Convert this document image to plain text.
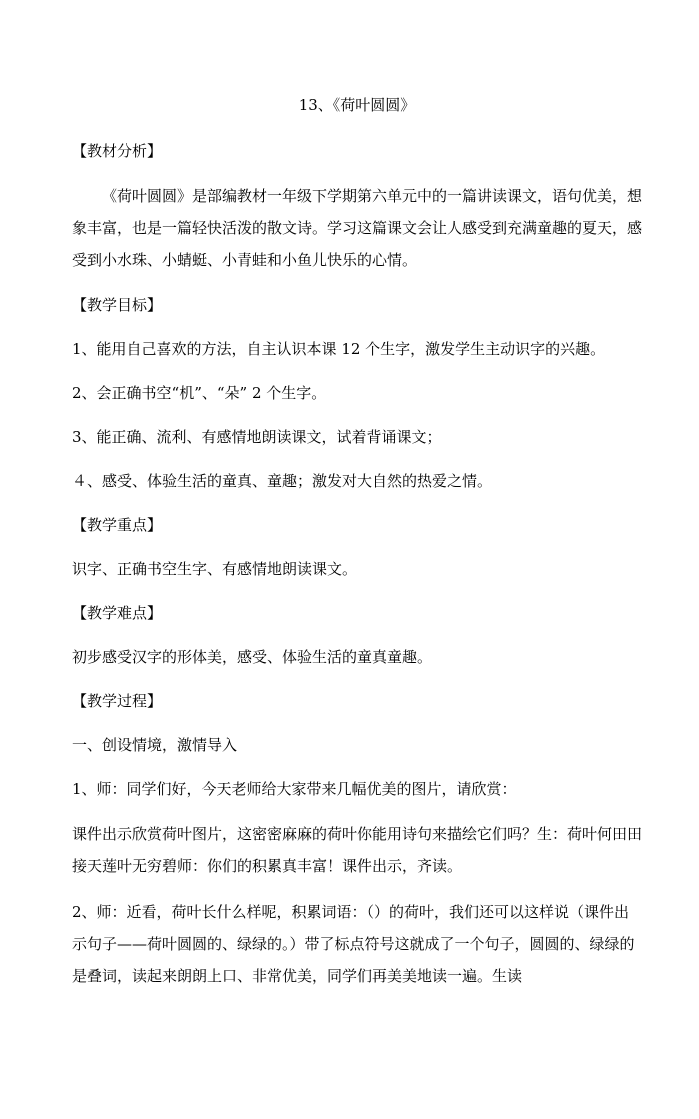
13、《荷叶圆圆》

【教材分析】

《荷叶圆圆》是部编教材一年级下学期第六单元中的一篇讲读课文，语句优美，想象丰富，也是一篇轻快活泼的散文诗。学习这篇课文会让人感受到充满童趣的夏天，感受到小水珠、小蜻蜓、小青蛙和小鱼儿快乐的心情。

【教学目标】

1、能用自己喜欢的方法，自主认识本课 12 个生字，激发学生主动识字的兴趣。

2、会正确书空“机”、“朵” 2 个生字。

3、能正确、流利、有感情地朗读课文，试着背诵课文；

４、感受、体验生活的童真、童趣；激发对大自然的热爱之情。

【教学重点】

识字、正确书空生字、有感情地朗读课文。

【教学难点】

初步感受汉字的形体美，感受、体验生活的童真童趣。

【教学过程】

一、创设情境，激情导入

1、师：同学们好，今天老师给大家带来几幅优美的图片，请欣赏：

课件出示欣赏荷叶图片，这密密麻麻的荷叶你能用诗句来描绘它们吗？生：荷叶何田田接天莲叶无穷碧师：你们的积累真丰富！课件出示，齐读。

2、师：近看，荷叶长什么样呢，积累词语：（）的荷叶，我们还可以这样说（课件出示句子——荷叶圆圆的、绿绿的。）带了标点符号这就成了一个句子，圆圆的、绿绿的是叠词，读起来朗朗上口、非常优美，同学们再美美地读一遍。生读
